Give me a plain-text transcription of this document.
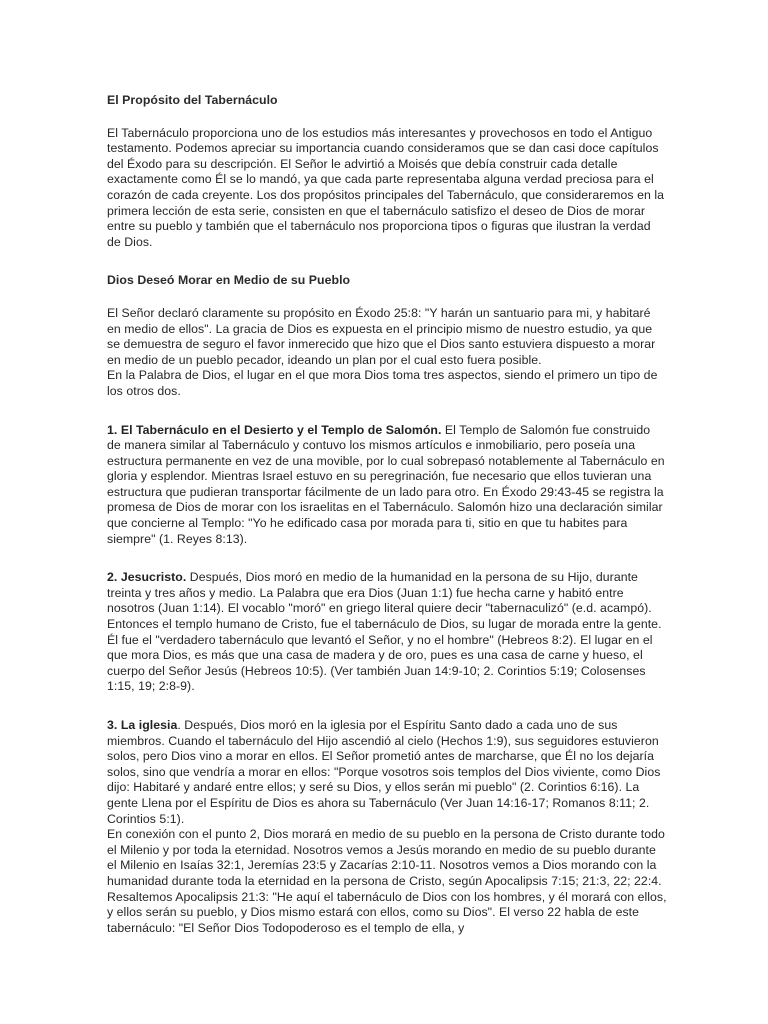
El Propósito del Tabernáculo

El Tabernáculo proporciona uno de los estudios más interesantes y provechosos en todo el Antiguo testamento. Podemos apreciar su importancia cuando consideramos que se dan casi doce capítulos del Éxodo para su descripción. El Señor le advirtió a Moisés que debía construir cada detalle exactamente como Él se lo mandó, ya que cada parte representaba alguna verdad preciosa para el corazón de cada creyente. Los dos propósitos principales del Tabernáculo, que consideraremos en la primera lección de esta serie, consisten en que el tabernáculo satisfizo el deseo de Dios de morar entre su pueblo y también que el tabernáculo nos proporciona tipos o figuras que ilustran la verdad de Dios.

Dios Deseó Morar en Medio de su Pueblo

El Señor declaró claramente su propósito en Éxodo 25:8: "Y harán un santuario para mi, y habitaré en medio de ellos". La gracia de Dios es expuesta en el principio mismo de nuestro estudio, ya que se demuestra de seguro el favor inmerecido que hizo que el Dios santo estuviera dispuesto a morar en medio de un pueblo pecador, ideando un plan por el cual esto fuera posible.

En la Palabra de Dios, el lugar en el que mora Dios toma tres aspectos, siendo el primero un tipo de los otros dos.

1. El Tabernáculo en el Desierto y el Templo de Salomón. El Templo de Salomón fue construido de manera similar al Tabernáculo y contuvo los mismos artículos e inmobiliario, pero poseía una estructura permanente en vez de una movible, por lo cual sobrepasó notablemente al Tabernáculo en gloria y esplendor. Mientras Israel estuvo en su peregrinación, fue necesario que ellos tuvieran una estructura que pudieran transportar fácilmente de un lado para otro. En Éxodo 29:43-45 se registra la promesa de Dios de morar con los israelitas en el Tabernáculo. Salomón hizo una declaración similar que concierne al Templo: "Yo he edificado casa por morada para ti, sitio en que tu habites para siempre" (1. Reyes 8:13).

2. Jesucristo. Después, Dios moró en medio de la humanidad en la persona de su Hijo, durante treinta y tres años y medio. La Palabra que era Dios (Juan 1:1) fue hecha carne y habitó entre nosotros (Juan 1:14). El vocablo "moró" en griego literal quiere decir "tabernaculizó" (e.d. acampó). Entonces el templo humano de Cristo, fue el tabernáculo de Dios, su lugar de morada entre la gente. Él fue el "verdadero tabernáculo que levantó el Señor, y no el hombre" (Hebreos 8:2). El lugar en el que mora Dios, es más que una casa de madera y de oro, pues es una casa de carne y hueso, el cuerpo del Señor Jesús (Hebreos 10:5). (Ver también Juan 14:9-10; 2. Corintios 5:19; Colosenses 1:15, 19; 2:8-9).

3. La iglesia. Después, Dios moró en la iglesia por el Espíritu Santo dado a cada uno de sus miembros. Cuando el tabernáculo del Hijo ascendió al cielo (Hechos 1:9), sus seguidores estuvieron solos, pero Dios vino a morar en ellos. El Señor prometió antes de marcharse, que Él no los dejaría solos, sino que vendría a morar en ellos: "Porque vosotros sois templos del Dios viviente, como Dios dijo: Habitaré y andaré entre ellos; y seré su Dios, y ellos serán mi pueblo" (2. Corintios 6:16). La gente Llena por el Espíritu de Dios es ahora su Tabernáculo (Ver Juan 14:16-17; Romanos 8:11; 2. Corintios 5:1).

En conexión con el punto 2, Dios morará en medio de su pueblo en la persona de Cristo durante todo el Milenio y por toda la eternidad. Nosotros vemos a Jesús morando en medio de su pueblo durante el Milenio en Isaías 32:1, Jeremías 23:5 y Zacarías 2:10-11. Nosotros vemos a Dios morando con la humanidad durante toda la eternidad en la persona de Cristo, según Apocalipsis 7:15; 21:3, 22; 22:4. Resaltemos Apocalipsis 21:3: "He aquí el tabernáculo de Dios con los hombres, y él morará con ellos, y ellos serán su pueblo, y Dios mismo estará con ellos, como su Dios". El verso 22 habla de este tabernáculo: "El Señor Dios Todopoderoso es el templo de ella, y
